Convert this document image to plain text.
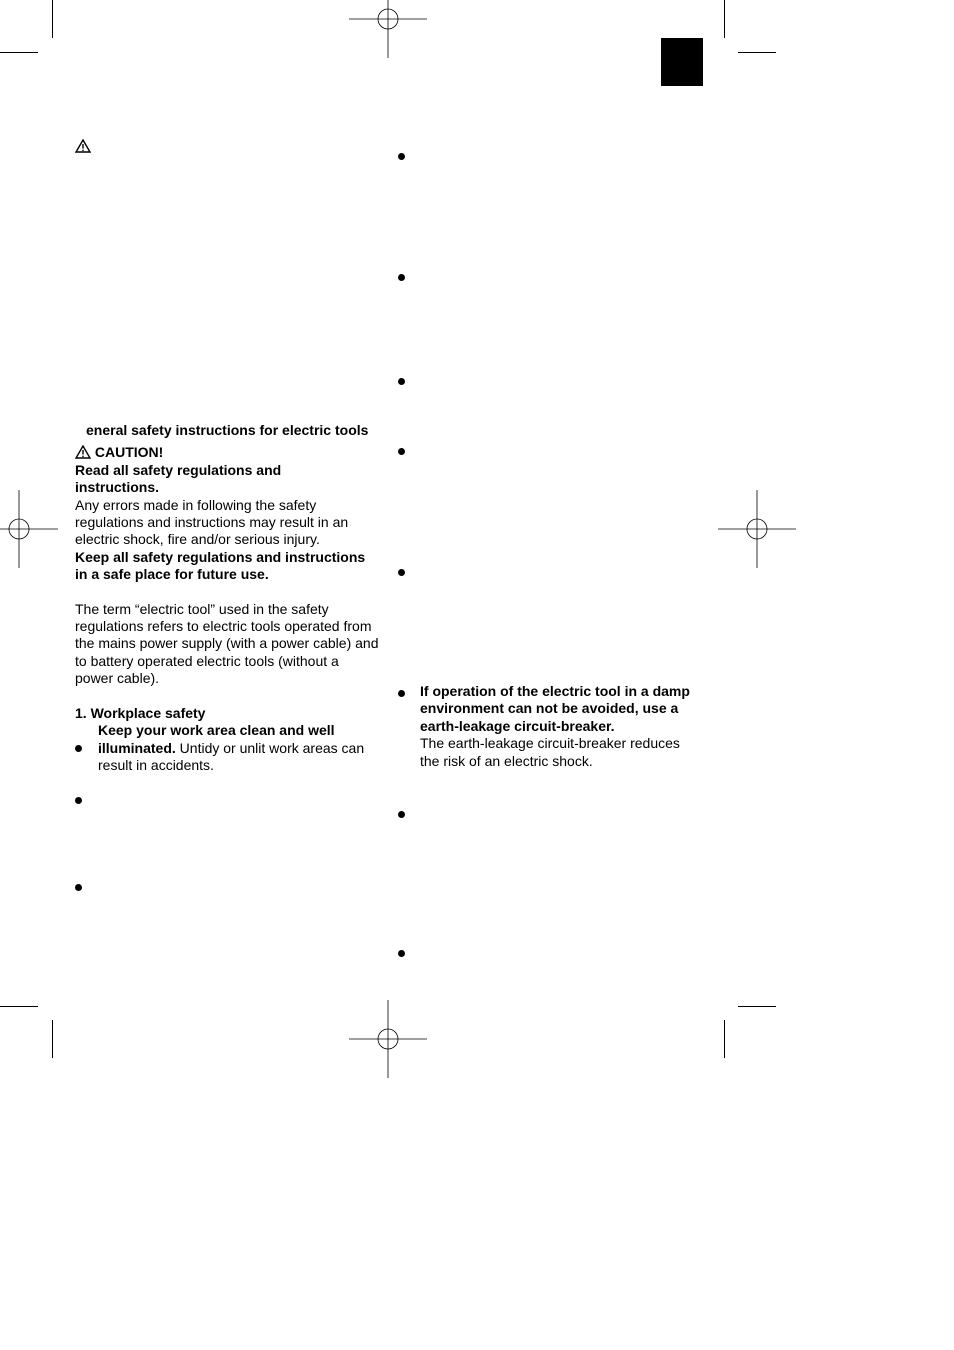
eneral safety instructions for electric tools

CAUTION!

Read all safety regulations and instructions.

Any errors made in following the safety regulations and instructions may result in an electric shock, fire and/or serious injury.

Keep all safety regulations and instructions in a safe place for future use.

The term “electric tool” used in the safety regulations refers to electric tools operated from the mains power supply (with a power cable) and to battery operated electric tools (without a power cable).

1. Workplace safety

Keep your work area clean and well illuminated. Untidy or unlit work areas can result in accidents.

If operation of the electric tool in a damp environment can not be avoided, use a earth-leakage circuit-breaker.

The earth-leakage circuit-breaker reduces the risk of an electric shock.
